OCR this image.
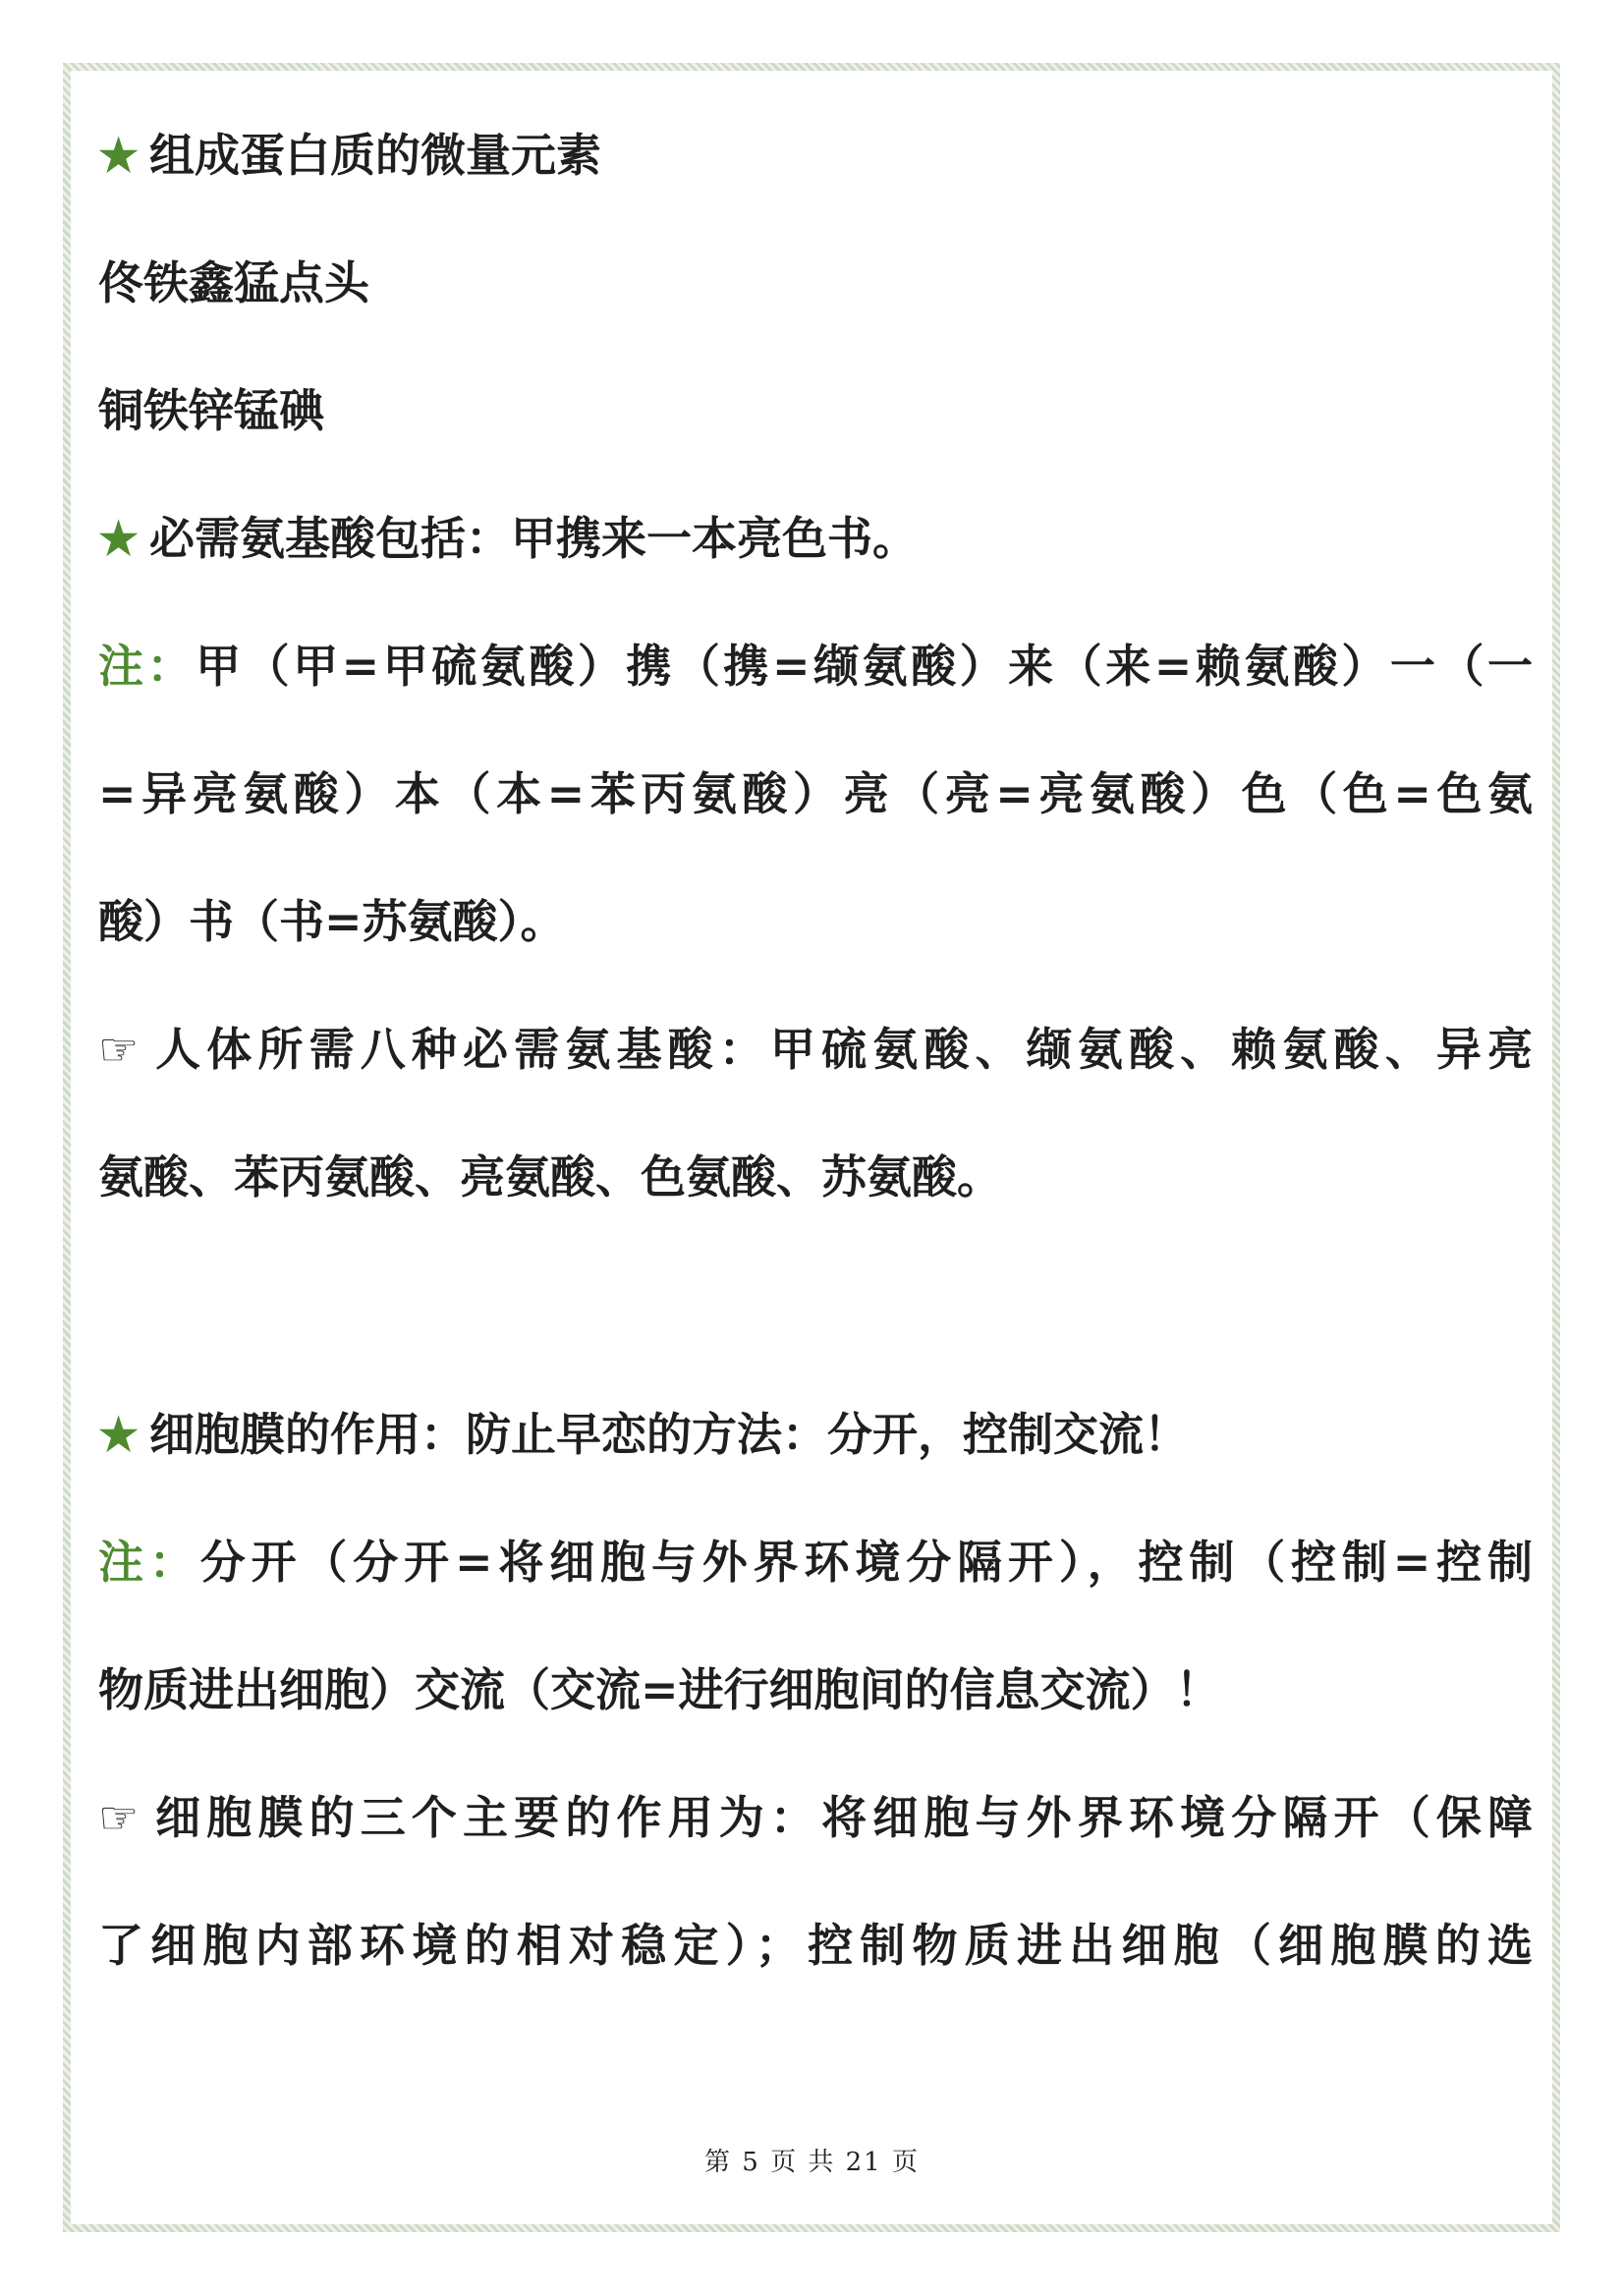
★ 组成蛋白质的微量元素
佟铁鑫猛点头
铜铁锌锰碘
★ 必需氨基酸包括：甲携来一本亮色书。
注：甲（甲=甲硫氨酸）携（携=缬氨酸）来（来=赖氨酸）一（一
=异亮氨酸）本（本=苯丙氨酸）亮（亮=亮氨酸）色（色=色氨
酸）书（书=苏氨酸）。
☞ 人体所需八种必需氨基酸：甲硫氨酸、缬氨酸、赖氨酸、异亮
氨酸、苯丙氨酸、亮氨酸、色氨酸、苏氨酸。
★ 细胞膜的作用：防止早恋的方法：分开，控制交流！
注：分开（分开=将细胞与外界环境分隔开），控制（控制=控制
物质进出细胞）交流（交流=进行细胞间的信息交流）！
☞ 细胞膜的三个主要的作用为：将细胞与外界环境分隔开（保障
了细胞内部环境的相对稳定）；控制物质进出细胞（细胞膜的选
第 5 页 共 21 页
